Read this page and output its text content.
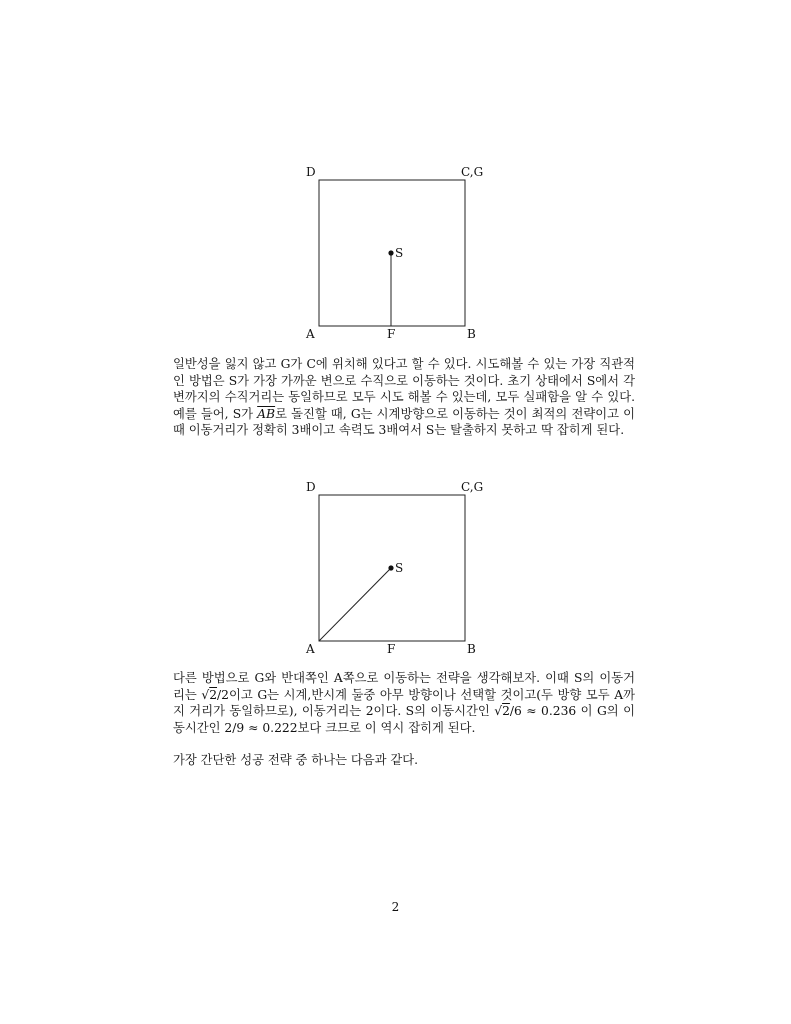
D	C,G
S
A	F	B

일반성을 잃지 않고 G가 C에 위치해 있다고 할 수 있다. 시도해볼 수 있는 가장 직관적인 방법은 S가 가장 가까운 변으로 수직으로 이동하는 것이다. 초기 상태에서 S에서 각 변까지의 수직거리는 동일하므로 모두 시도 해볼 수 있는데, 모두 실패함을 알 수 있다. 예를 들어, S가 $\overline{AB}$로 돌진할 때, G는 시계방향으로 이동하는 것이 최적의 전략이고 이 때 이동거리가 정확히 3배이고 속력도 3배여서 S는 탈출하지 못하고 딱 잡히게 된다.

D	C,G
S
A	F	B

다른 방법으로 G와 반대쪽인 A쪽으로 이동하는 전략을 생각해보자. 이때 S의 이동거리는 √2/2이고 G는 시계,반시계 둘중 아무 방향이나 선택할 것이고(두 방향 모두 A까지 거리가 동일하므로), 이동거리는 2이다. S의 이동시간인 √2/6 ≈ 0.236 이 G의 이동시간인 2/9 ≈ 0.222보다 크므로 이 역시 잡히게 된다.

가장 간단한 성공 전략 중 하나는 다음과 같다.

2
